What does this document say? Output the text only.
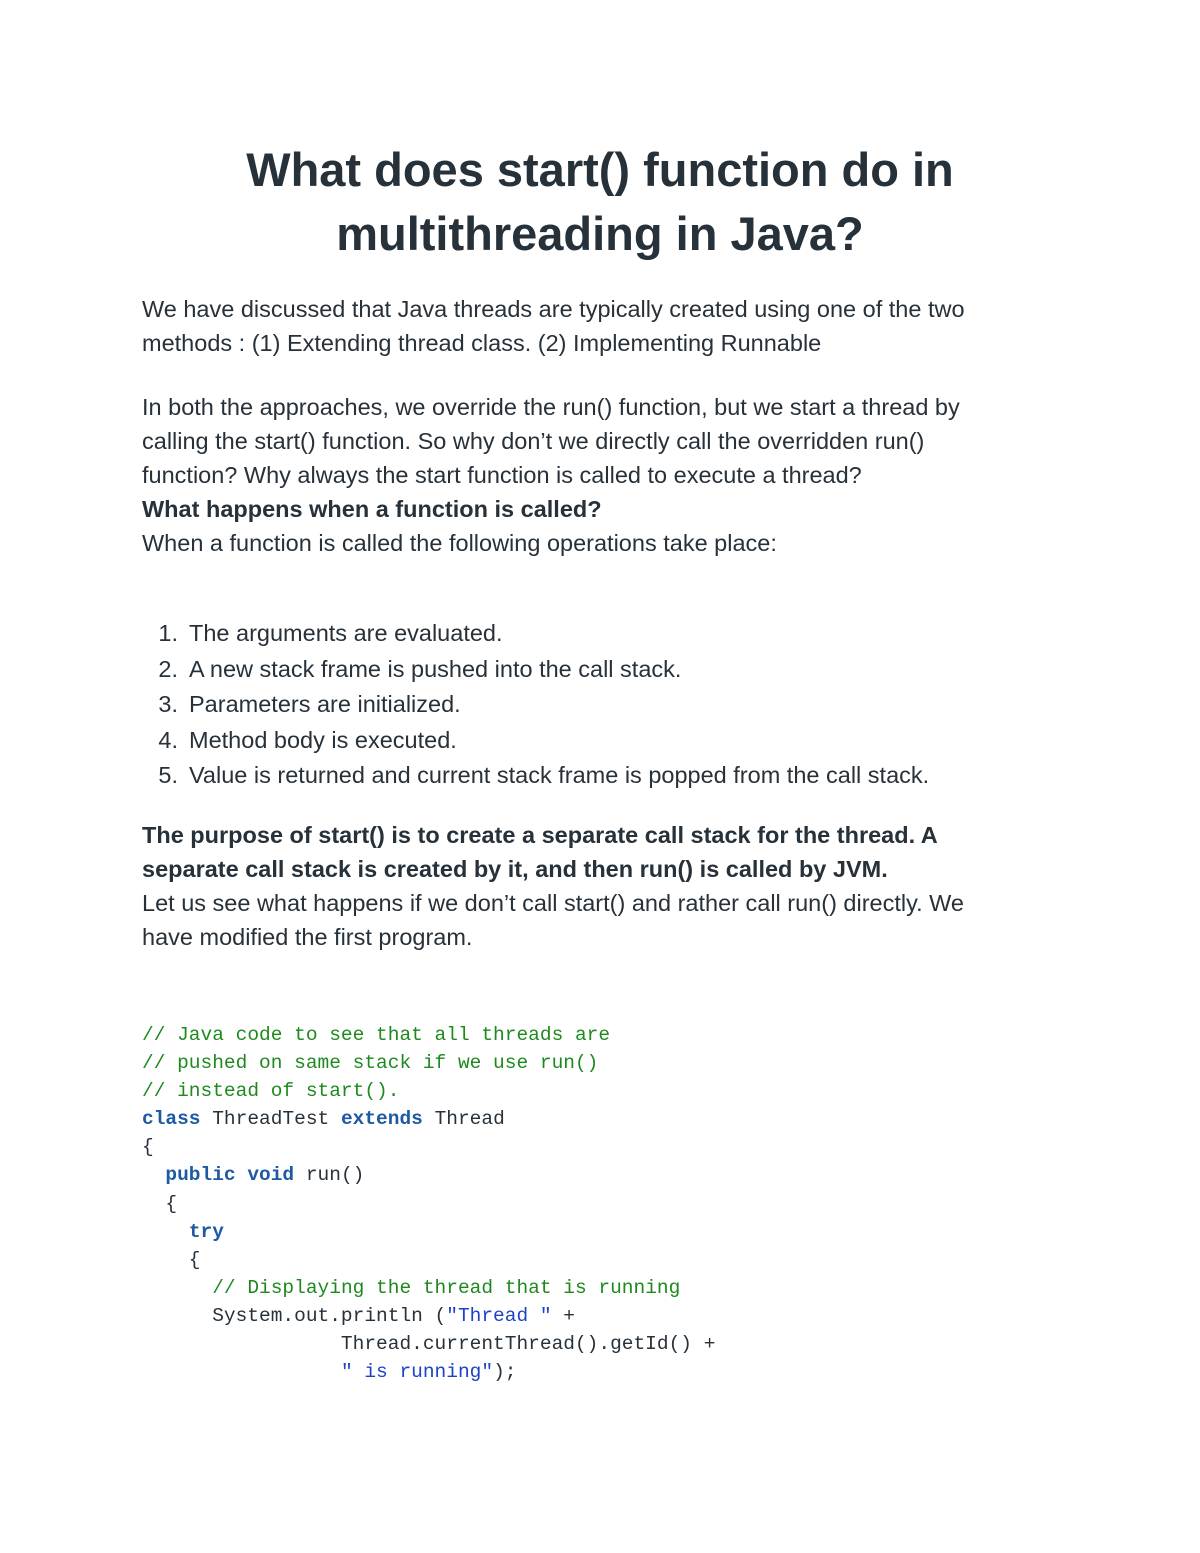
What does start() function do in
multithreading in Java?

We have discussed that Java threads are typically created using one of the two
methods : (1) Extending thread class. (2) Implementing Runnable

In both the approaches, we override the run() function, but we start a thread by
calling the start() function. So why don’t we directly call the overridden run()
function? Why always the start function is called to execute a thread?
What happens when a function is called?
When a function is called the following operations take place:

1. The arguments are evaluated.
2. A new stack frame is pushed into the call stack.
3. Parameters are initialized.
4. Method body is executed.
5. Value is returned and current stack frame is popped from the call stack.

The purpose of start() is to create a separate call stack for the thread. A
separate call stack is created by it, and then run() is called by JVM.
Let us see what happens if we don’t call start() and rather call run() directly. We
have modified the first program.

// Java code to see that all threads are
// pushed on same stack if we use run()
// instead of start().
class ThreadTest extends Thread
{
public void run()
{
try
{
// Displaying the thread that is running
System.out.println ("Thread " +
Thread.currentThread().getId() +
" is running");
